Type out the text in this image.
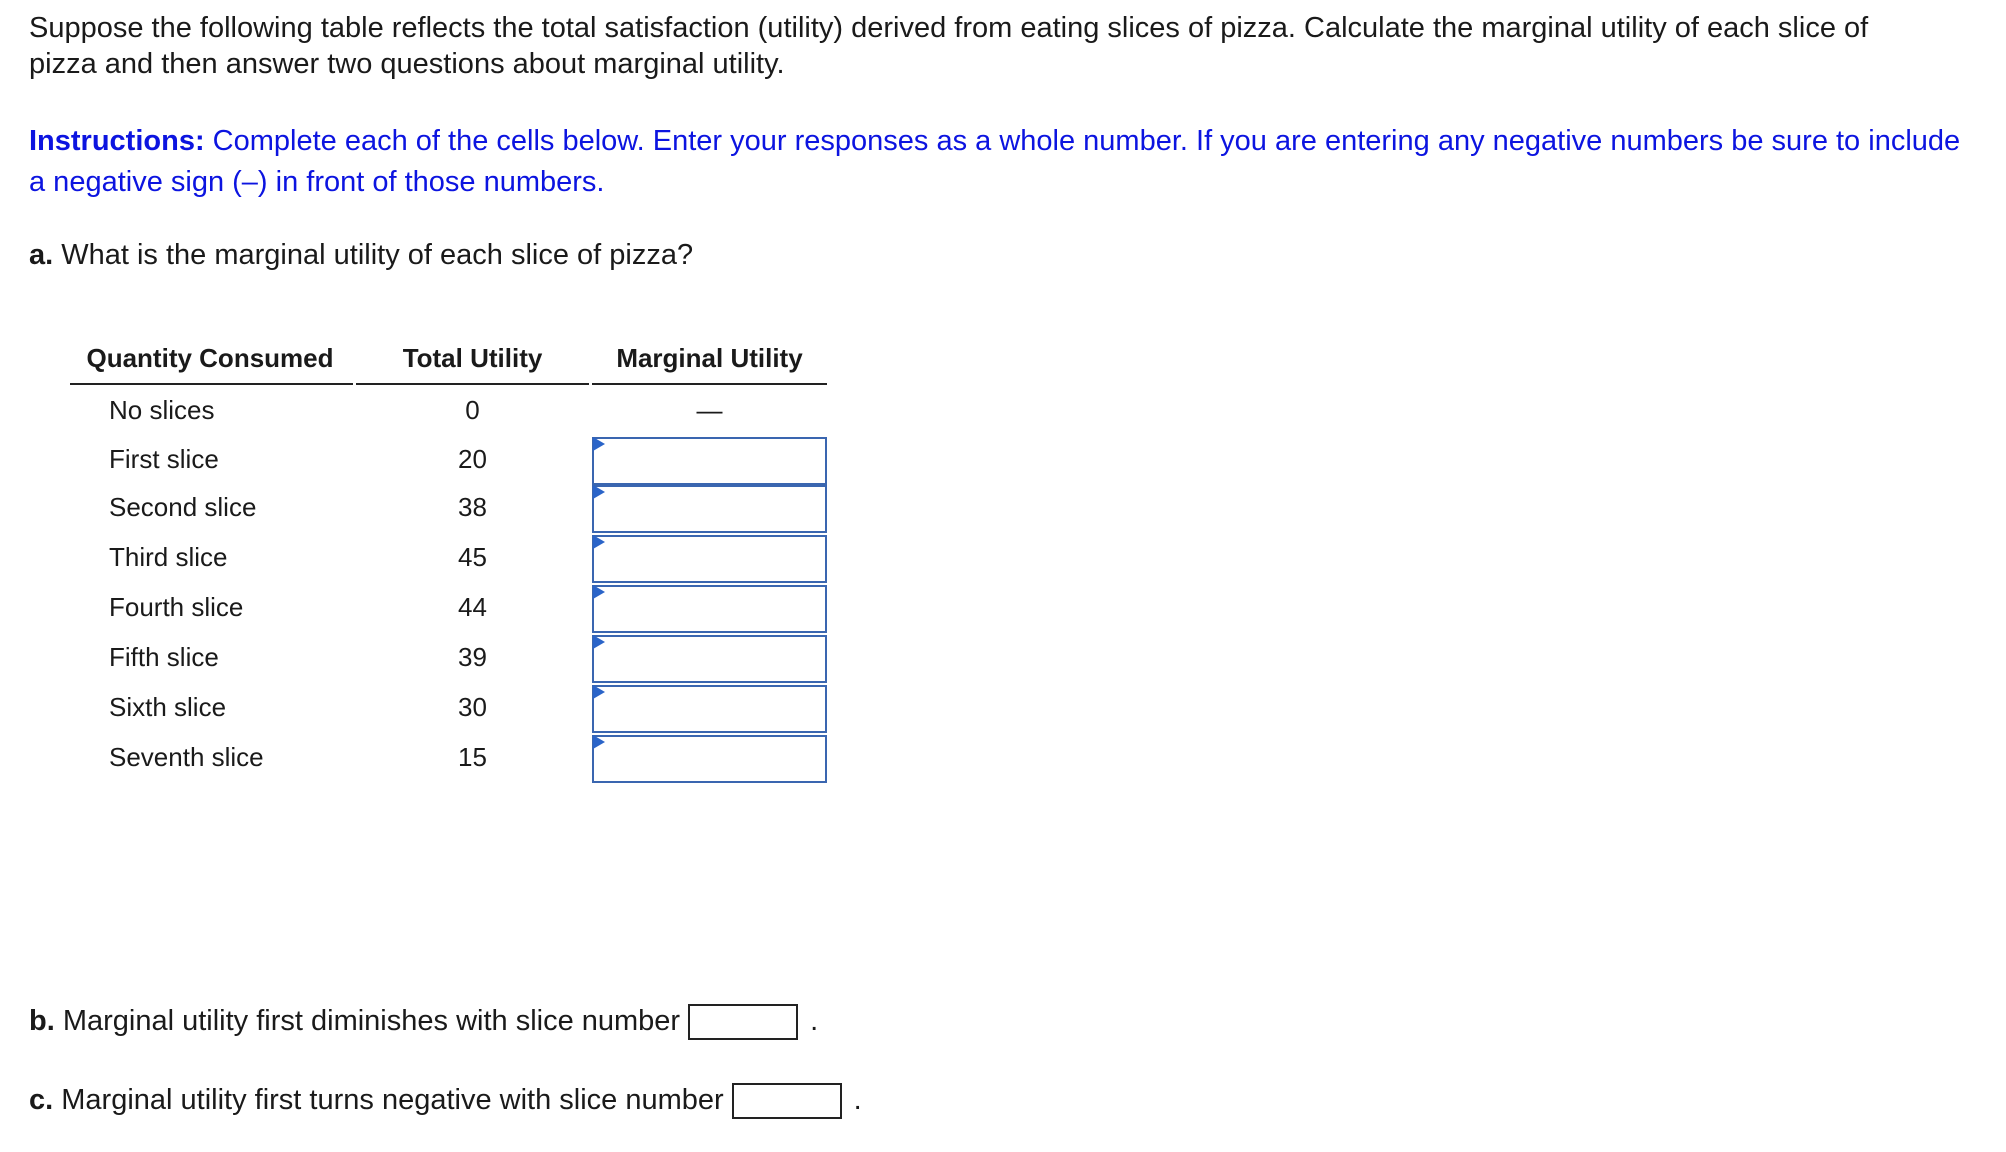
Suppose the following table reflects the total satisfaction (utility) derived from eating slices of pizza. Calculate the marginal utility of each slice of pizza and then answer two questions about marginal utility.
Instructions: Complete each of the cells below. Enter your responses as a whole number. If you are entering any negative numbers be sure to include a negative sign (–) in front of those numbers.
a. What is the marginal utility of each slice of pizza?
Quantity Consumed	Total Utility	Marginal Utility
No slices	0	—
First slice	20
Second slice	38
Third slice	45
Fourth slice	44
Fifth slice	39
Sixth slice	30
Seventh slice	15
b. Marginal utility first diminishes with slice number	.
c. Marginal utility first turns negative with slice number	.
